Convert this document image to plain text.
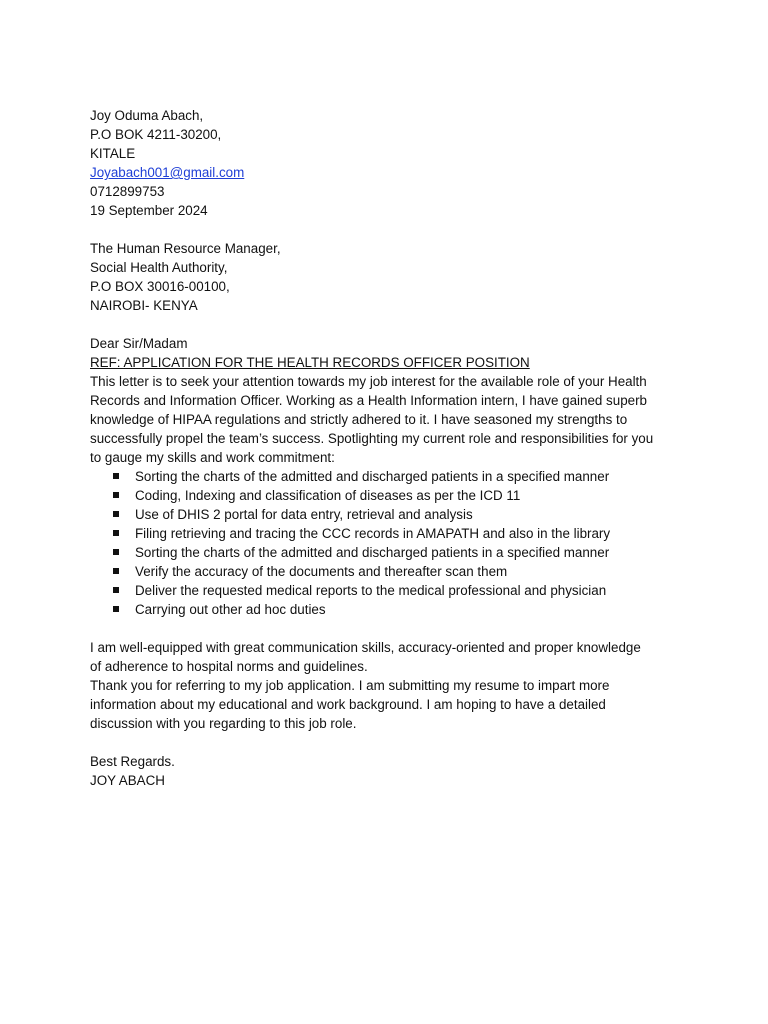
Joy Oduma Abach,
P.O BOK 4211-30200,
KITALE
Joyabach001@gmail.com
0712899753
19 September 2024
The Human Resource Manager,
Social Health Authority,
P.O BOX 30016-00100,
NAIROBI- KENYA
Dear Sir/Madam
REF: APPLICATION FOR THE HEALTH RECORDS OFFICER POSITION
This letter is to seek your attention towards my job interest for the available role of your Health
Records and Information Officer. Working as a Health Information intern, I have gained superb
knowledge of HIPAA regulations and strictly adhered to it. I have seasoned my strengths to
successfully propel the team’s success. Spotlighting my current role and responsibilities for you
to gauge my skills and work commitment:
Sorting the charts of the admitted and discharged patients in a specified manner
Coding, Indexing and classification of diseases as per the ICD 11
Use of DHIS 2 portal for data entry, retrieval and analysis
Filing retrieving and tracing the CCC records in AMAPATH and also in the library
Sorting the charts of the admitted and discharged patients in a specified manner
Verify the accuracy of the documents and thereafter scan them
Deliver the requested medical reports to the medical professional and physician
Carrying out other ad hoc duties
I am well-equipped with great communication skills, accuracy-oriented and proper knowledge
of adherence to hospital norms and guidelines.
Thank you for referring to my job application. I am submitting my resume to impart more
information about my educational and work background. I am hoping to have a detailed
discussion with you regarding to this job role.
Best Regards.
JOY ABACH
